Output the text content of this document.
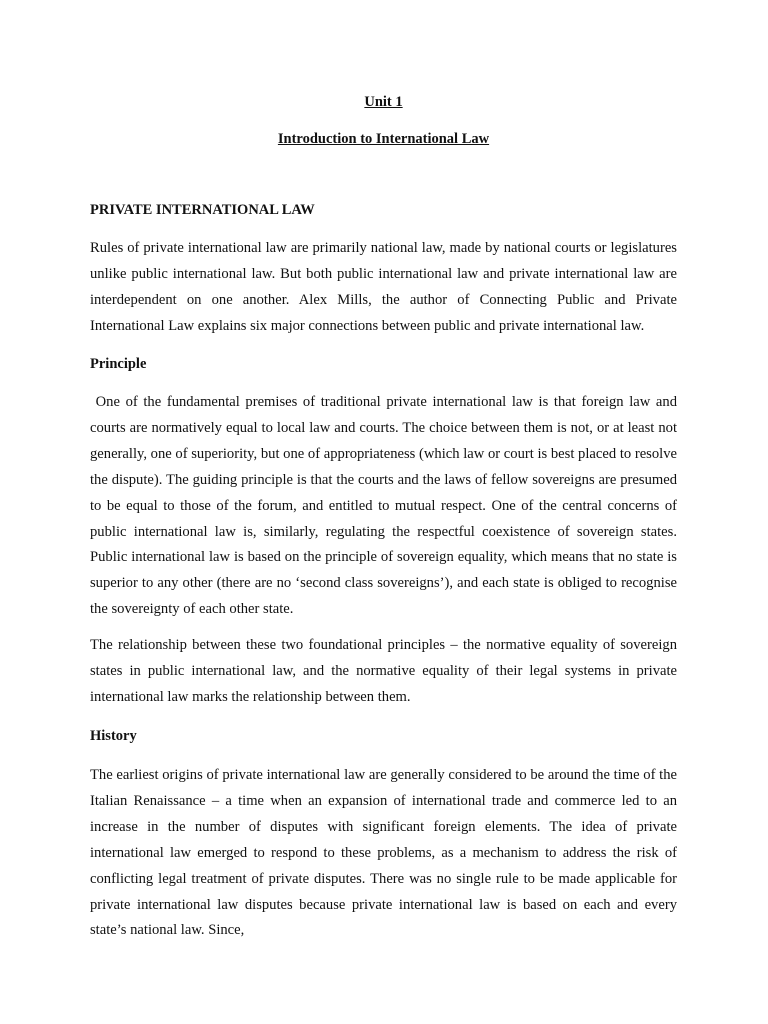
Unit 1

Introduction to International Law

PRIVATE INTERNATIONAL LAW

Rules of private international law are primarily national law, made by national courts or legislatures unlike public international law. But both public international law and private international law are interdependent on one another. Alex Mills, the author of Connecting Public and Private International Law explains six major connections between public and private international law.

Principle

One of the fundamental premises of traditional private international law is that foreign law and courts are normatively equal to local law and courts. The choice between them is not, or at least not generally, one of superiority, but one of appropriateness (which law or court is best placed to resolve the dispute). The guiding principle is that the courts and the laws of fellow sovereigns are presumed to be equal to those of the forum, and entitled to mutual respect. One of the central concerns of public international law is, similarly, regulating the respectful coexistence of sovereign states. Public international law is based on the principle of sovereign equality, which means that no state is superior to any other (there are no ‘second class sovereigns’), and each state is obliged to recognise the sovereignty of each other state.

The relationship between these two foundational principles – the normative equality of sovereign states in public international law, and the normative equality of their legal systems in private international law marks the relationship between them.

History

The earliest origins of private international law are generally considered to be around the time of the Italian Renaissance – a time when an expansion of international trade and commerce led to an increase in the number of disputes with significant foreign elements. The idea of private international law emerged to respond to these problems, as a mechanism to address the risk of conflicting legal treatment of private disputes. There was no single rule to be made applicable for private international law disputes because private international law is based on each and every state’s national law. Since,
